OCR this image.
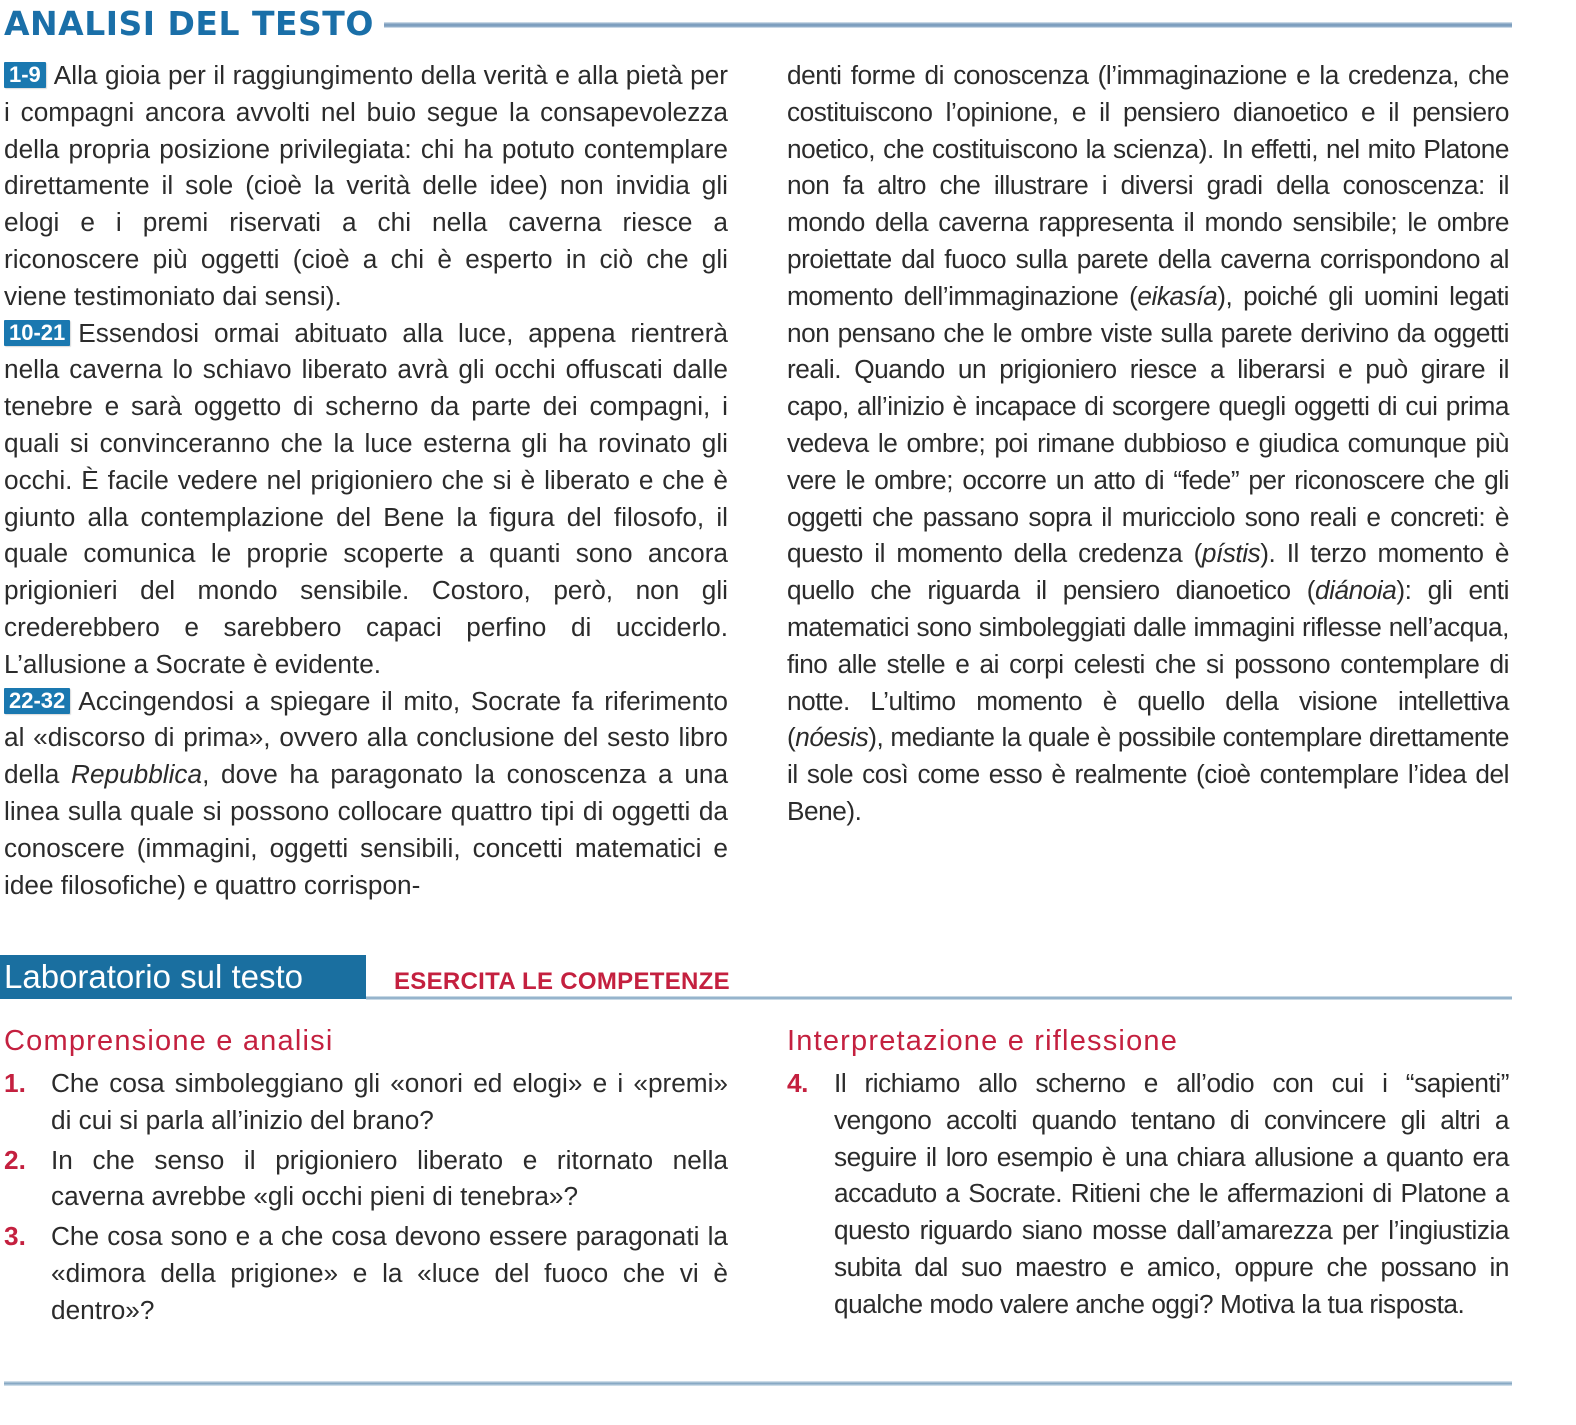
ANALISI DEL TESTO

1-9 Alla gioia per il raggiungimento della verità e alla pietà per i compagni ancora avvolti nel buio segue la consapevolezza della propria posizione privilegiata: chi ha potuto contemplare direttamente il sole (cioè la verità delle idee) non invidia gli elogi e i premi riservati a chi nella caverna riesce a riconoscere più oggetti (cioè a chi è esperto in ciò che gli viene testimoniato dai sensi).

10-21 Essendosi ormai abituato alla luce, appena rientrerà nella caverna lo schiavo liberato avrà gli occhi offuscati dalle tenebre e sarà oggetto di scherno da parte dei compagni, i quali si convinceranno che la luce esterna gli ha rovinato gli occhi. È facile vedere nel prigioniero che si è liberato e che è giunto alla contemplazione del Bene la figura del filosofo, il quale comunica le proprie scoperte a quanti sono ancora prigionieri del mondo sensibile. Costoro, però, non gli crederebbero e sarebbero capaci perfino di ucciderlo. L’allusione a Socrate è evidente.

22-32 Accingendosi a spiegare il mito, Socrate fa riferimento al «discorso di prima», ovvero alla conclusione del sesto libro della Repubblica, dove ha paragonato la conoscenza a una linea sulla quale si possono collocare quattro tipi di oggetti da conoscere (immagini, oggetti sensibili, concetti matematici e idee filosofiche) e quattro corrispon-

denti forme di conoscenza (l’immaginazione e la credenza, che costituiscono l’opinione, e il pensiero dianoetico e il pensiero noetico, che costituiscono la scienza). In effetti, nel mito Platone non fa altro che illustrare i diversi gradi della conoscenza: il mondo della caverna rappresenta il mondo sensibile; le ombre proiettate dal fuoco sulla parete della caverna corrispondono al momento dell’immaginazione (eikasía), poiché gli uomini legati non pensano che le ombre viste sulla parete derivino da oggetti reali. Quando un prigioniero riesce a liberarsi e può girare il capo, all’inizio è incapace di scorgere quegli oggetti di cui prima vedeva le ombre; poi rimane dubbioso e giudica comunque più vere le ombre; occorre un atto di “fede” per riconoscere che gli oggetti che passano sopra il muricciolo sono reali e concreti: è questo il momento della credenza (pístis). Il terzo momento è quello che riguarda il pensiero dianoetico (diánoia): gli enti matematici sono simboleggiati dalle immagini riflesse nell’acqua, fino alle stelle e ai corpi celesti che si possono contemplare di notte. L’ultimo momento è quello della visione intellettiva (nóesis), mediante la quale è possibile contemplare direttamente il sole così come esso è realmente (cioè contemplare l’idea del Bene).

Laboratorio sul testo	ESERCITA LE COMPETENZE
Comprensione e analisi	Interpretazione e riflessione
1. Che cosa simboleggiano gli «onori ed elogi» e i «premi» di cui si parla all’inizio del brano?
2. In che senso il prigioniero liberato e ritornato nella caverna avrebbe «gli occhi pieni di tenebra»?
3. Che cosa sono e a che cosa devono essere paragonati la «dimora della prigione» e la «luce del fuoco che vi è dentro»?
4. Il richiamo allo scherno e all’odio con cui i “sapienti” vengono accolti quando tentano di convincere gli altri a seguire il loro esempio è una chiara allusione a quanto era accaduto a Socrate. Ritieni che le affermazioni di Platone a questo riguardo siano mosse dall’amarezza per l’ingiustizia subita dal suo maestro e amico, oppure che possano in qualche modo valere anche oggi? Motiva la tua risposta.
